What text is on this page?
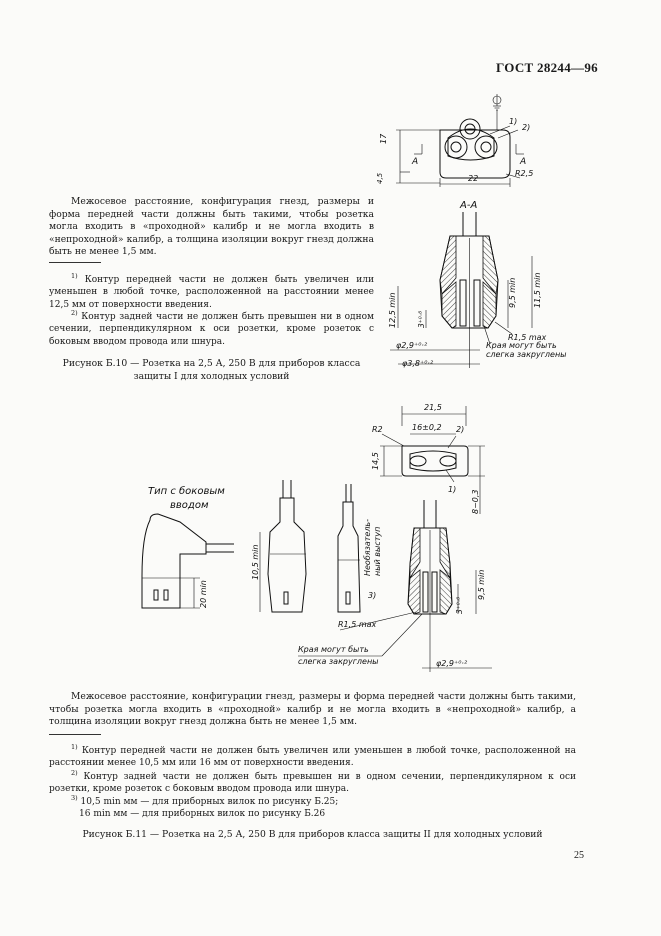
ГОСТ 28244—96
17
4,5
1)
2)
А	А
22
R2,5
А-А
9,5 min 11,5 min
12,5 min	3⁺⁰·⁸
R1,5 max
Края могут быть
слегка закруглены
φ2,9⁺⁰·²
φ3,8⁺⁰·²
Межосевое расстояние, конфигурация гнезд, размеры и форма передней части должны быть такими, чтобы розетка могла входить в «проходной» калибр и не могла входить в «непроходной» калибр, а толщина изоляции вокруг гнезд должна быть не менее 1,5 мм.
$^{1)}$ Контур передней части не должен быть увеличен или уменьшен в любой точке, расположенной на расстоянии менее 12,5 мм от поверхности введения.
$^{2)}$ Контур задней части не должен быть превышен ни в одном сечении, перпендикулярном к оси розетки, кроме розеток с боковым вводом провода или шнура.
Рисунок Б.10 — Розетка на 2,5 А, 250 В для приборов класса
защиты I для холодных условий
21,5
16±0,2
R2	2)
14,5
1) 8−0,3
Тип с боковым
вводом
20 min
10,5 min	Необязатель- ный выступ
3)
3⁺⁰·⁸
9,5 min
R1,5 max
Края могут быть
слегка закруглены	φ2,9⁺⁰·²
Межосевое расстояние, конфигурации гнезд, размеры и форма передней части должны быть такими, чтобы розетка могла входить в «проходной» калибр и не могла входить в «непроходной» калибр, а толщина изоляции вокруг гнезд должна быть не менее 1,5 мм.
$^{1)}$ Контур передней части не должен быть увеличен или уменьшен в любой точке, расположенной на расстоянии менее 10,5 мм или 16 мм от поверхности введения.
$^{2)}$ Контур задней части не должен быть превышен ни в одном сечении, перпендикулярном к оси розетки, кроме розеток с боковым вводом провода или шнура.
$^{3)}$ 10,5 min мм — для приборных вилок по рисунку Б.25;
16 min мм — для приборных вилок по рисунку Б.26
Рисунок Б.11 — Розетка на 2,5 А, 250 В для приборов класса защиты II для холодных условий
25
